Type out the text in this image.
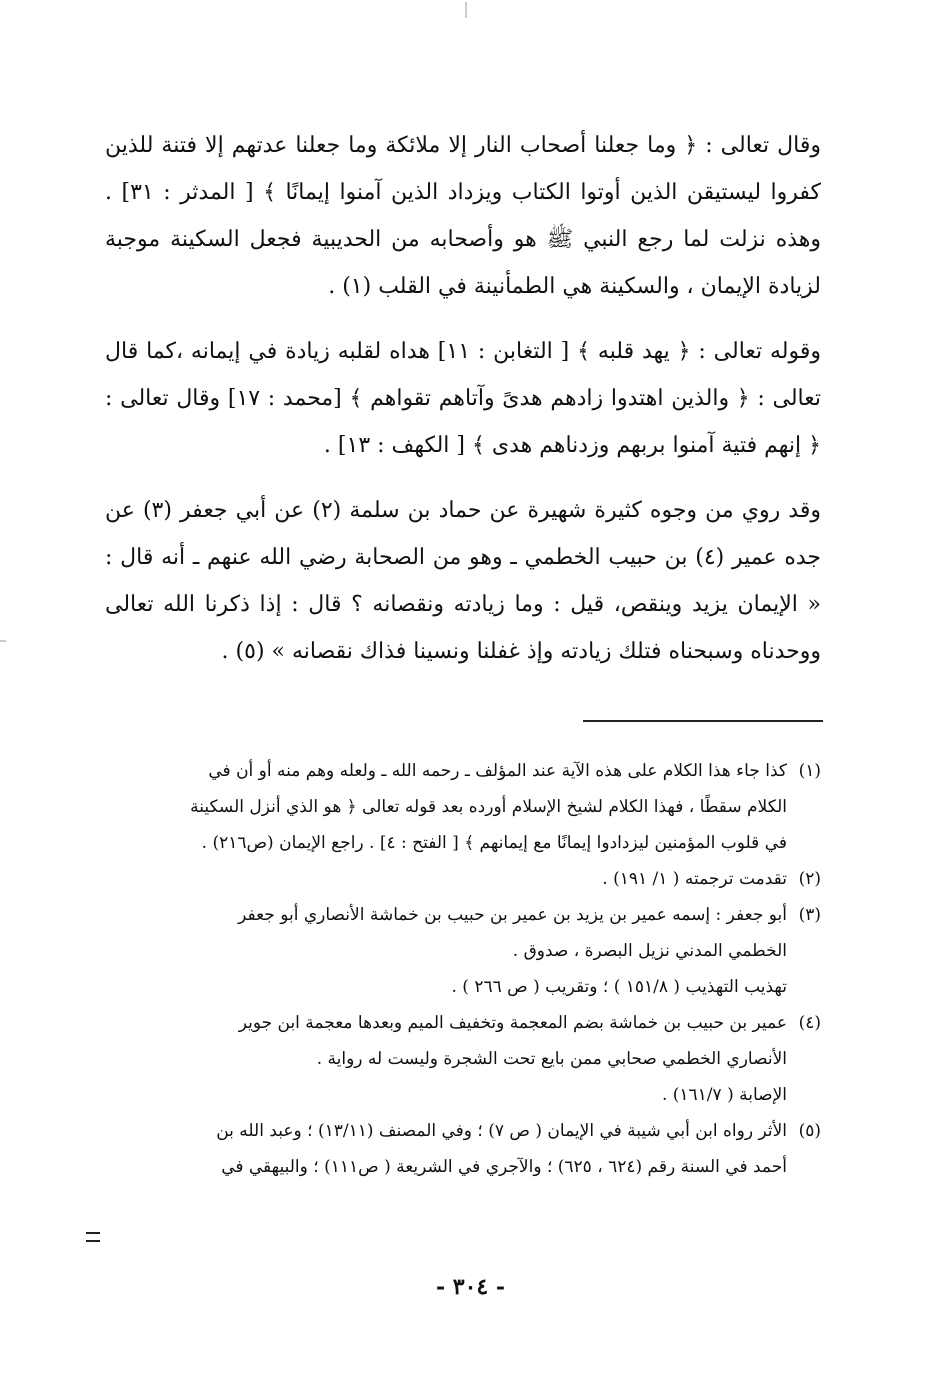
وقال تعالى : ﴿ وما جعلنا أصحاب النار إلا ملائكة وما جعلنا عدتهم إلا فتنة للذين كفروا ليستيقن الذين أوتوا الكتاب ويزداد الذين آمنوا إيمانًا ﴾ [ المدثر : ٣١] . وهذه نزلت لما رجع النبي ﷺ هو وأصحابه من الحديبية فجعل السكينة موجبة لزيادة الإيمان ، والسكينة هي الطمأنينة في القلب (١) .

وقوله تعالى : ﴿ يهد قلبه ﴾ [ التغابن : ١١] هداه لقلبه زيادة في إيمانه ،كما قال تعالى : ﴿ والذين اهتدوا زادهم هدىً وآتاهم تقواهم ﴾ [محمد : ١٧] وقال تعالى : ﴿ إنهم فتية آمنوا بربهم وزدناهم هدى ﴾ [ الكهف : ١٣] .

وقد روي من وجوه كثيرة شهيرة عن حماد بن سلمة (٢) عن أبي جعفر (٣) عن جده عمير (٤) بن حبيب الخطمي ـ وهو من الصحابة رضي الله عنهم ـ أنه قال : « الإيمان يزيد وينقص، قيل : وما زيادته ونقصانه ؟ قال : إذا ذكرنا الله تعالى ووحدناه وسبحناه فتلك زيادته وإذ غفلنا ونسينا فذاك نقصانه » (٥) .

(١)
كذا جاء هذا الكلام على هذه الآية عند المؤلف ـ رحمه الله ـ ولعله وهم منه أو أن في
الكلام سقطًا ، فهذا الكلام لشيخ الإسلام أورده بعد قوله تعالى ﴿ هو الذي أنزل السكينة
في قلوب المؤمنين ليزدادوا إيمانًا مع إيمانهم ﴾ [ الفتح : ٤] . راجع الإيمان (ص٢١٦) .
(٢)
تقدمت ترجمته ( ١/ ١٩١) .
(٣)
أبو جعفر : إسمه عمير بن يزيد بن عمير بن حبيب بن خماشة الأنصاري أبو جعفر
الخطمي المدني نزيل البصرة ، صدوق .
تهذيب التهذيب ( ١٥١/٨ ) ؛ وتقريب ( ص ٢٦٦ ) .
(٤)
عمير بن حبيب بن خماشة بضم المعجمة وتخفيف الميم وبعدها معجمة ابن جوير
الأنصاري الخطمي صحابي ممن بايع تحت الشجرة وليست له رواية .
الإصابة ( ١٦١/٧) .
(٥)
الأثر رواه ابن أبي شيبة في الإيمان ( ص ٧) ؛ وفي المصنف (١٣/١١) ؛ وعبد الله بن
أحمد في السنة رقم (٦٢٤ ، ٦٢٥) ؛ والآجري في الشريعة ( ص١١١) ؛ والبيهقي في
- ٣٠٤ -
